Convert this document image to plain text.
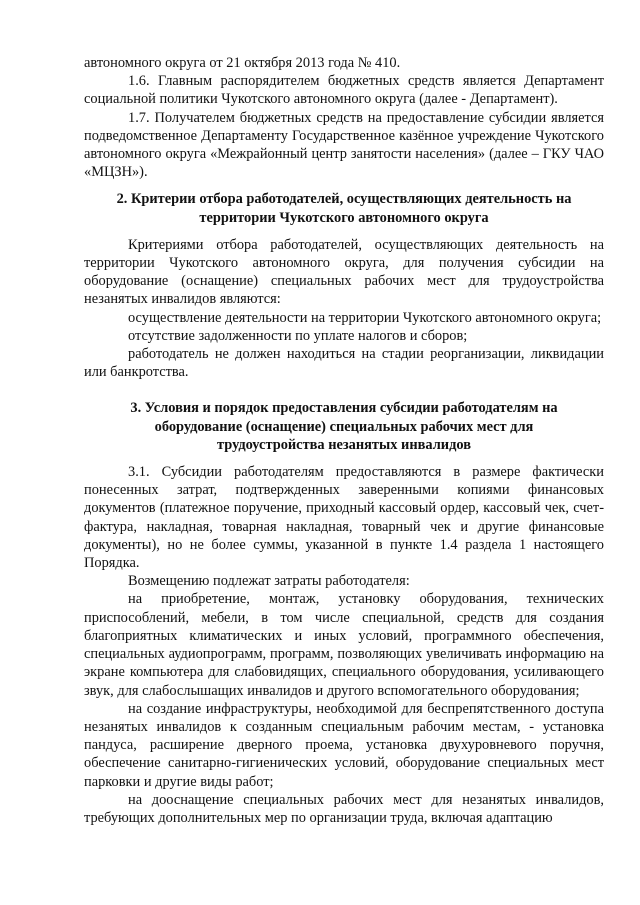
автономного округа от 21 октября 2013 года № 410.

1.6. Главным распорядителем бюджетных средств является Департамент социальной политики Чукотского автономного округа (далее - Департамент).

1.7. Получателем бюджетных средств на предоставление субсидии является подведомственное Департаменту Государственное казённое учреждение Чукотского автономного округа «Межрайонный центр занятости населения» (далее – ГКУ ЧАО «МЦЗН»).

2. Критерии отбора работодателей, осуществляющих деятельность на

территории Чукотского автономного округа

Критериями отбора работодателей, осуществляющих деятельность на территории Чукотского автономного округа, для получения субсидии на оборудование (оснащение) специальных рабочих мест для трудоустройства незанятых инвалидов являются:

осуществление деятельности на территории Чукотского автономного округа;

отсутствие задолженности по уплате налогов и сборов;

работодатель не должен находиться на стадии реорганизации, ликвидации или банкротства.

3. Условия и порядок предоставления субсидии работодателям на

оборудование (оснащение) специальных рабочих мест для

трудоустройства незанятых инвалидов

3.1. Субсидии работодателям предоставляются в размере фактически понесенных затрат, подтвержденных заверенными копиями финансовых документов (платежное поручение, приходный кассовый ордер, кассовый чек, счет-фактура, накладная, товарная накладная, товарный чек и другие финансовые документы), но не более суммы, указанной в пункте 1.4 раздела 1 настоящего Порядка.

Возмещению подлежат затраты работодателя:

на приобретение, монтаж, установку оборудования, технических приспособлений, мебели, в том числе специальной, средств для создания благоприятных климатических и иных условий, программного обеспечения, специальных аудиопрограмм, программ, позволяющих увеличивать информацию на экране компьютера для слабовидящих, специального оборудования, усиливающего звук, для слабослышащих инвалидов и другого вспомогательного оборудования;

на создание инфраструктуры, необходимой для беспрепятственного доступа незанятых инвалидов к созданным специальным рабочим местам, - установка пандуса, расширение дверного проема, установка двухуровневого поручня, обеспечение санитарно-гигиенических условий, оборудование специальных мест парковки и другие виды работ;

на дооснащение специальных рабочих мест для незанятых инвалидов, требующих дополнительных мер по организации труда, включая адаптацию
